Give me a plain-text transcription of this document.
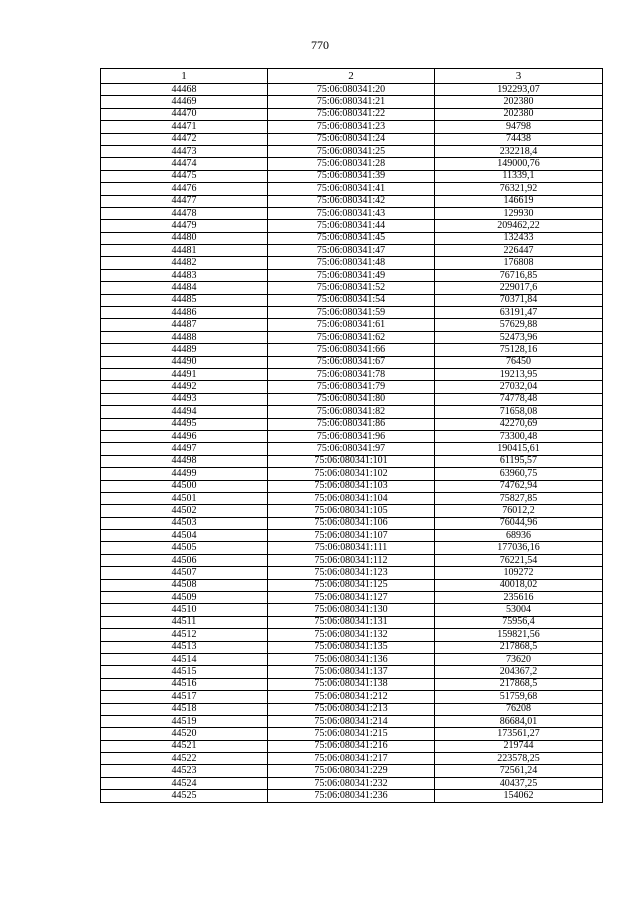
770
1	2	3
44468	75:06:080341:20	192293,07
44469	75:06:080341:21	202380
44470	75:06:080341:22	202380
44471	75:06:080341:23	94798
44472	75:06:080341:24	74438
44473	75:06:080341:25	232218,4
44474	75:06:080341:28	149000,76
44475	75:06:080341:39	11339,1
44476	75:06:080341:41	76321,92
44477	75:06:080341:42	146619
44478	75:06:080341:43	129930
44479	75:06:080341:44	209462,22
44480	75:06:080341:45	132433
44481	75:06:080341:47	226447
44482	75:06:080341:48	176808
44483	75:06:080341:49	76716,85
44484	75:06:080341:52	229017,6
44485	75:06:080341:54	70371,84
44486	75:06:080341:59	63191,47
44487	75:06:080341:61	57629,88
44488	75:06:080341:62	52473,96
44489	75:06:080341:66	75128,16
44490	75:06:080341:67	76450
44491	75:06:080341:78	19213,95
44492	75:06:080341:79	27032,04
44493	75:06:080341:80	74778,48
44494	75:06:080341:82	71658,08
44495	75:06:080341:86	42270,69
44496	75:06:080341:96	73300,48
44497	75:06:080341:97	190415,61
44498	75:06:080341:101	61195,57
44499	75:06:080341:102	63960,75
44500	75:06:080341:103	74762,94
44501	75:06:080341:104	75827,85
44502	75:06:080341:105	76012,2
44503	75:06:080341:106	76044,96
44504	75:06:080341:107	68936
44505	75:06:080341:111	177036,16
44506	75:06:080341:112	76221,54
44507	75:06:080341:123	109272
44508	75:06:080341:125	40018,02
44509	75:06:080341:127	235616
44510	75:06:080341:130	53004
44511	75:06:080341:131	75956,4
44512	75:06:080341:132	159821,56
44513	75:06:080341:135	217868,5
44514	75:06:080341:136	73620
44515	75:06:080341:137	204367,2
44516	75:06:080341:138	217868,5
44517	75:06:080341:212	51759,68
44518	75:06:080341:213	76208
44519	75:06:080341:214	86684,01
44520	75:06:080341:215	173561,27
44521	75:06:080341:216	219744
44522	75:06:080341:217	223578,25
44523	75:06:080341:229	72561,24
44524	75:06:080341:232	40437,25
44525	75:06:080341:236	154062
